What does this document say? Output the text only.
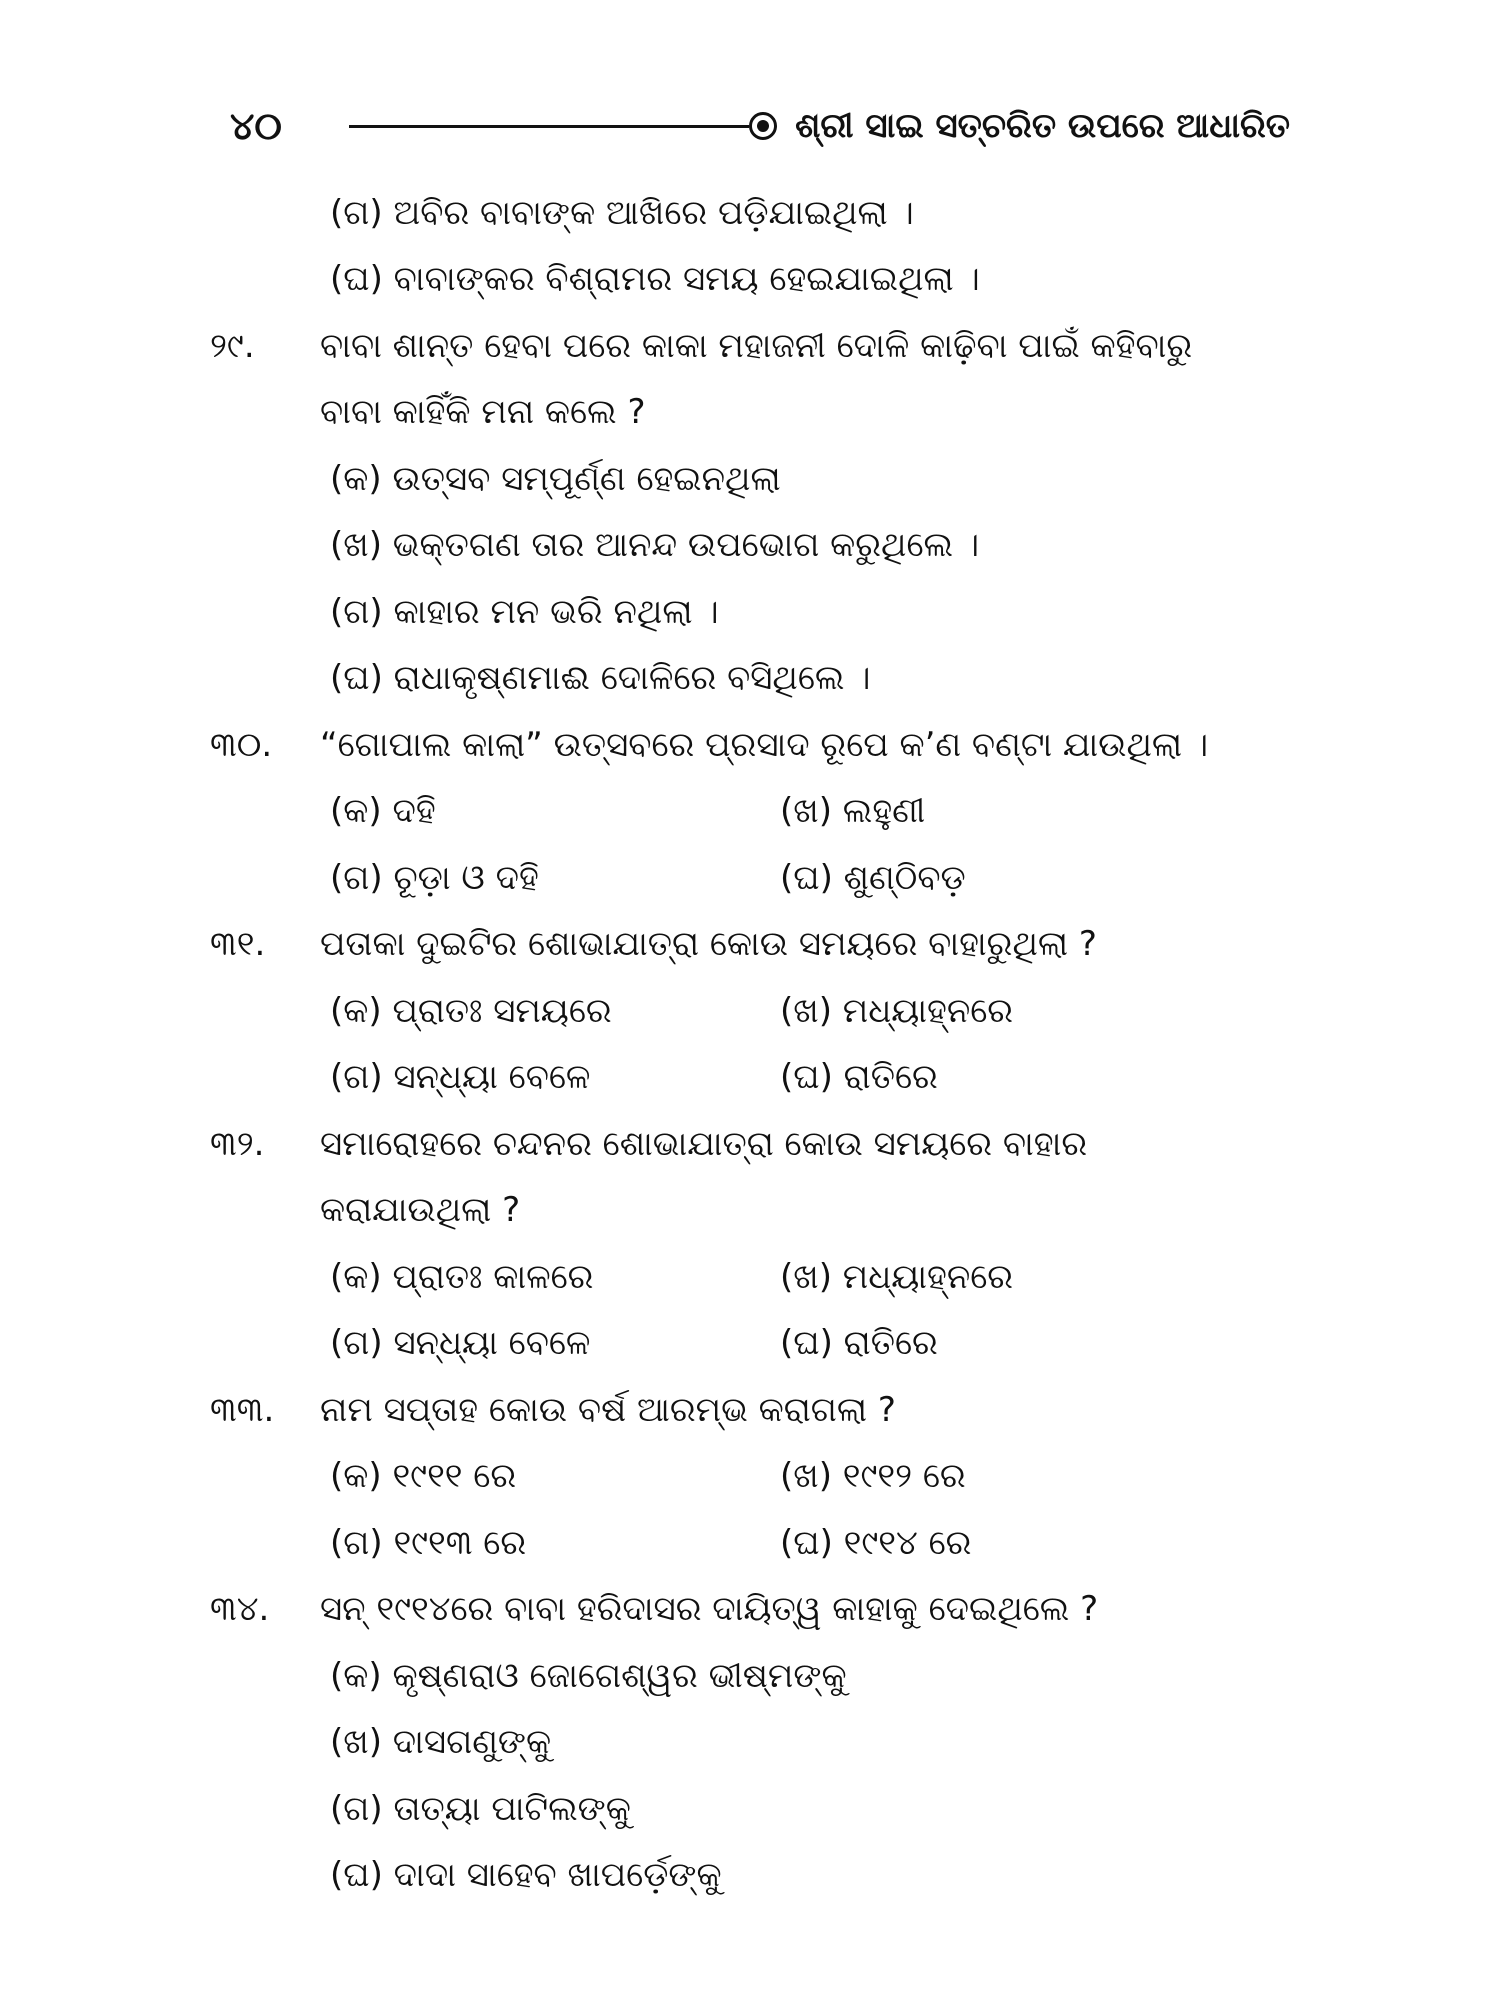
୪୦	ଶ୍ରୀ ସାଇ ସତ୍‌ଚରିତ ଉପରେ ଆଧାରିତ
(ଗ) ଅବିର ବାବାଙ୍କ ଆଖିରେ ପଡ଼ିଯାଇଥିଲା ।
(ଘ) ବାବାଙ୍କର ବିଶ୍ରାମର ସମୟ ହେଇଯାଇଥିଲା ।
୨୯. ବାବା ଶାନ୍ତ ହେବା ପରେ କାକା ମହାଜନୀ ଦୋଳି କାଢ଼ିବା ପାଇଁ କହିବାରୁ
ବାବା କାହିଁକି ମନା କଲେ ?
(କ) ଉତ୍ସବ ସମ୍ପୂର୍ଣ୍ଣ ହେଇନଥିଲା
(ଖ) ଭକ୍ତଗଣ ତାର ଆନନ୍ଦ ଉପଭୋଗ କରୁଥିଲେ ।
(ଗ) କାହାର ମନ ଭରି ନଥିଲା ।
(ଘ) ରାଧାକୃଷ୍ଣମାଈ ଦୋଳିରେ ବସିଥିଲେ ।
୩୦. “ଗୋପାଲ କାଲା” ଉତ୍ସବରେ ପ୍ରସାଦ ରୂପେ କ’ଣ ବଣ୍ଟା ଯାଉଥିଲା ।
(କ) ଦହି	(ଖ) ଲହୁଣୀ
(ଗ) ଚୂଡ଼ା ଓ ଦହି	(ଘ) ଶୁଣ୍ଠିବଡ଼
୩୧. ପତାକା ଦୁଇଟିର ଶୋଭାଯାତ୍ରା କୋଉ ସମୟରେ ବାହାରୁଥିଲା ?
(କ) ପ୍ରାତଃ ସମୟରେ	(ଖ) ମଧ୍ୟାହ୍ନରେ
(ଗ) ସନ୍ଧ୍ୟା ବେଳେ	(ଘ) ରାତିରେ
୩୨. ସମାରୋହରେ ଚନ୍ଦନର ଶୋଭାଯାତ୍ରା କୋଉ ସମୟରେ ବାହାର
କରାଯାଉଥିଲା ?
(କ) ପ୍ରାତଃ କାଳରେ	(ଖ) ମଧ୍ୟାହ୍ନରେ
(ଗ) ସନ୍ଧ୍ୟା ବେଳେ	(ଘ) ରାତିରେ
୩୩. ନାମ ସପ୍ତାହ କୋଉ ବର୍ଷ ଆରମ୍ଭ କରାଗଲା ?
(କ) ୧୯୧୧ ରେ	(ଖ) ୧୯୧୨ ରେ
(ଗ) ୧୯୧୩ ରେ	(ଘ) ୧୯୧୪ ରେ
୩୪. ସନ୍ ୧୯୧୪ରେ ବାବା ହରିଦାସର ଦାୟିତ୍ୱ କାହାକୁ ଦେଇଥିଲେ ?
(କ) କୃଷ୍ଣରାଓ ଜୋଗେଶ୍ୱର ଭୀଷ୍ମଙ୍କୁ
(ଖ) ଦାସଗଣୁଙ୍କୁ
(ଗ) ତାତ୍ୟା ପାଟିଲଙ୍କୁ
(ଘ) ଦାଦା ସାହେବ ଖାପର୍ଡ଼େଙ୍କୁ
